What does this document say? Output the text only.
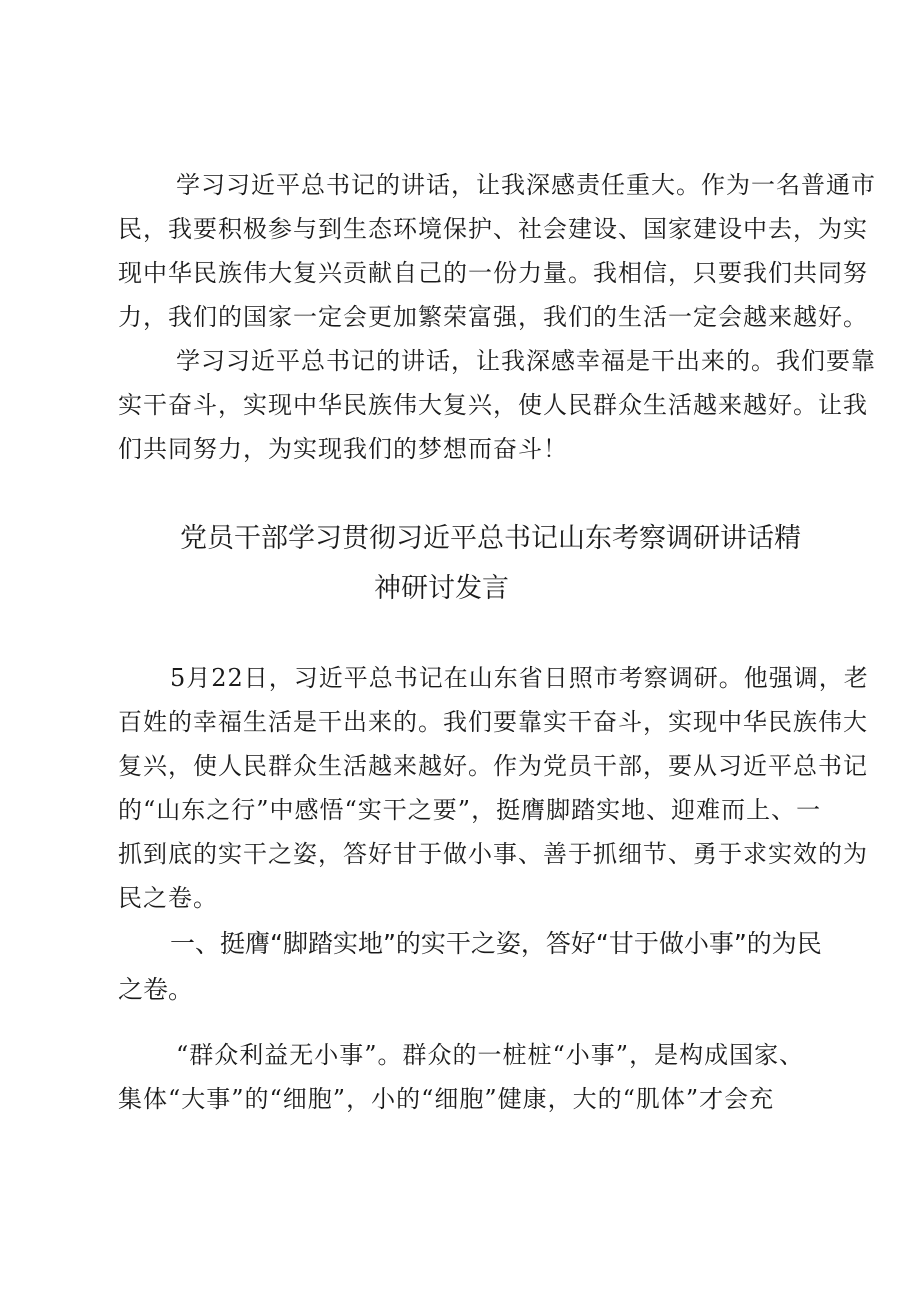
学习习近平总书记的讲话，让我深感责任重大。作为一名普通市
民，我要积极参与到生态环境保护、社会建设、国家建设中去，为实
现中华民族伟大复兴贡献自己的一份力量。我相信，只要我们共同努
力，我们的国家一定会更加繁荣富强，我们的生活一定会越来越好。
学习习近平总书记的讲话，让我深感幸福是干出来的。我们要靠
实干奋斗，实现中华民族伟大复兴，使人民群众生活越来越好。让我
们共同努力，为实现我们的梦想而奋斗！
党员干部学习贯彻习近平总书记山东考察调研讲话精
神研讨发言
5月22日，习近平总书记在山东省日照市考察调研。他强调，老
百姓的幸福生活是干出来的。我们要靠实干奋斗，实现中华民族伟大
复兴，使人民群众生活越来越好。作为党员干部，要从习近平总书记
的“山东之行”中感悟“实干之要”，挺膺脚踏实地、迎难而上、一
抓到底的实干之姿，答好甘于做小事、善于抓细节、勇于求实效的为
民之卷。
一、挺膺“脚踏实地”的实干之姿，答好“甘于做小事”的为民
之卷。
“群众利益无小事”。群众的一桩桩“小事”，是构成国家、
集体“大事”的“细胞”，小的“细胞”健康，大的“肌体”才会充
